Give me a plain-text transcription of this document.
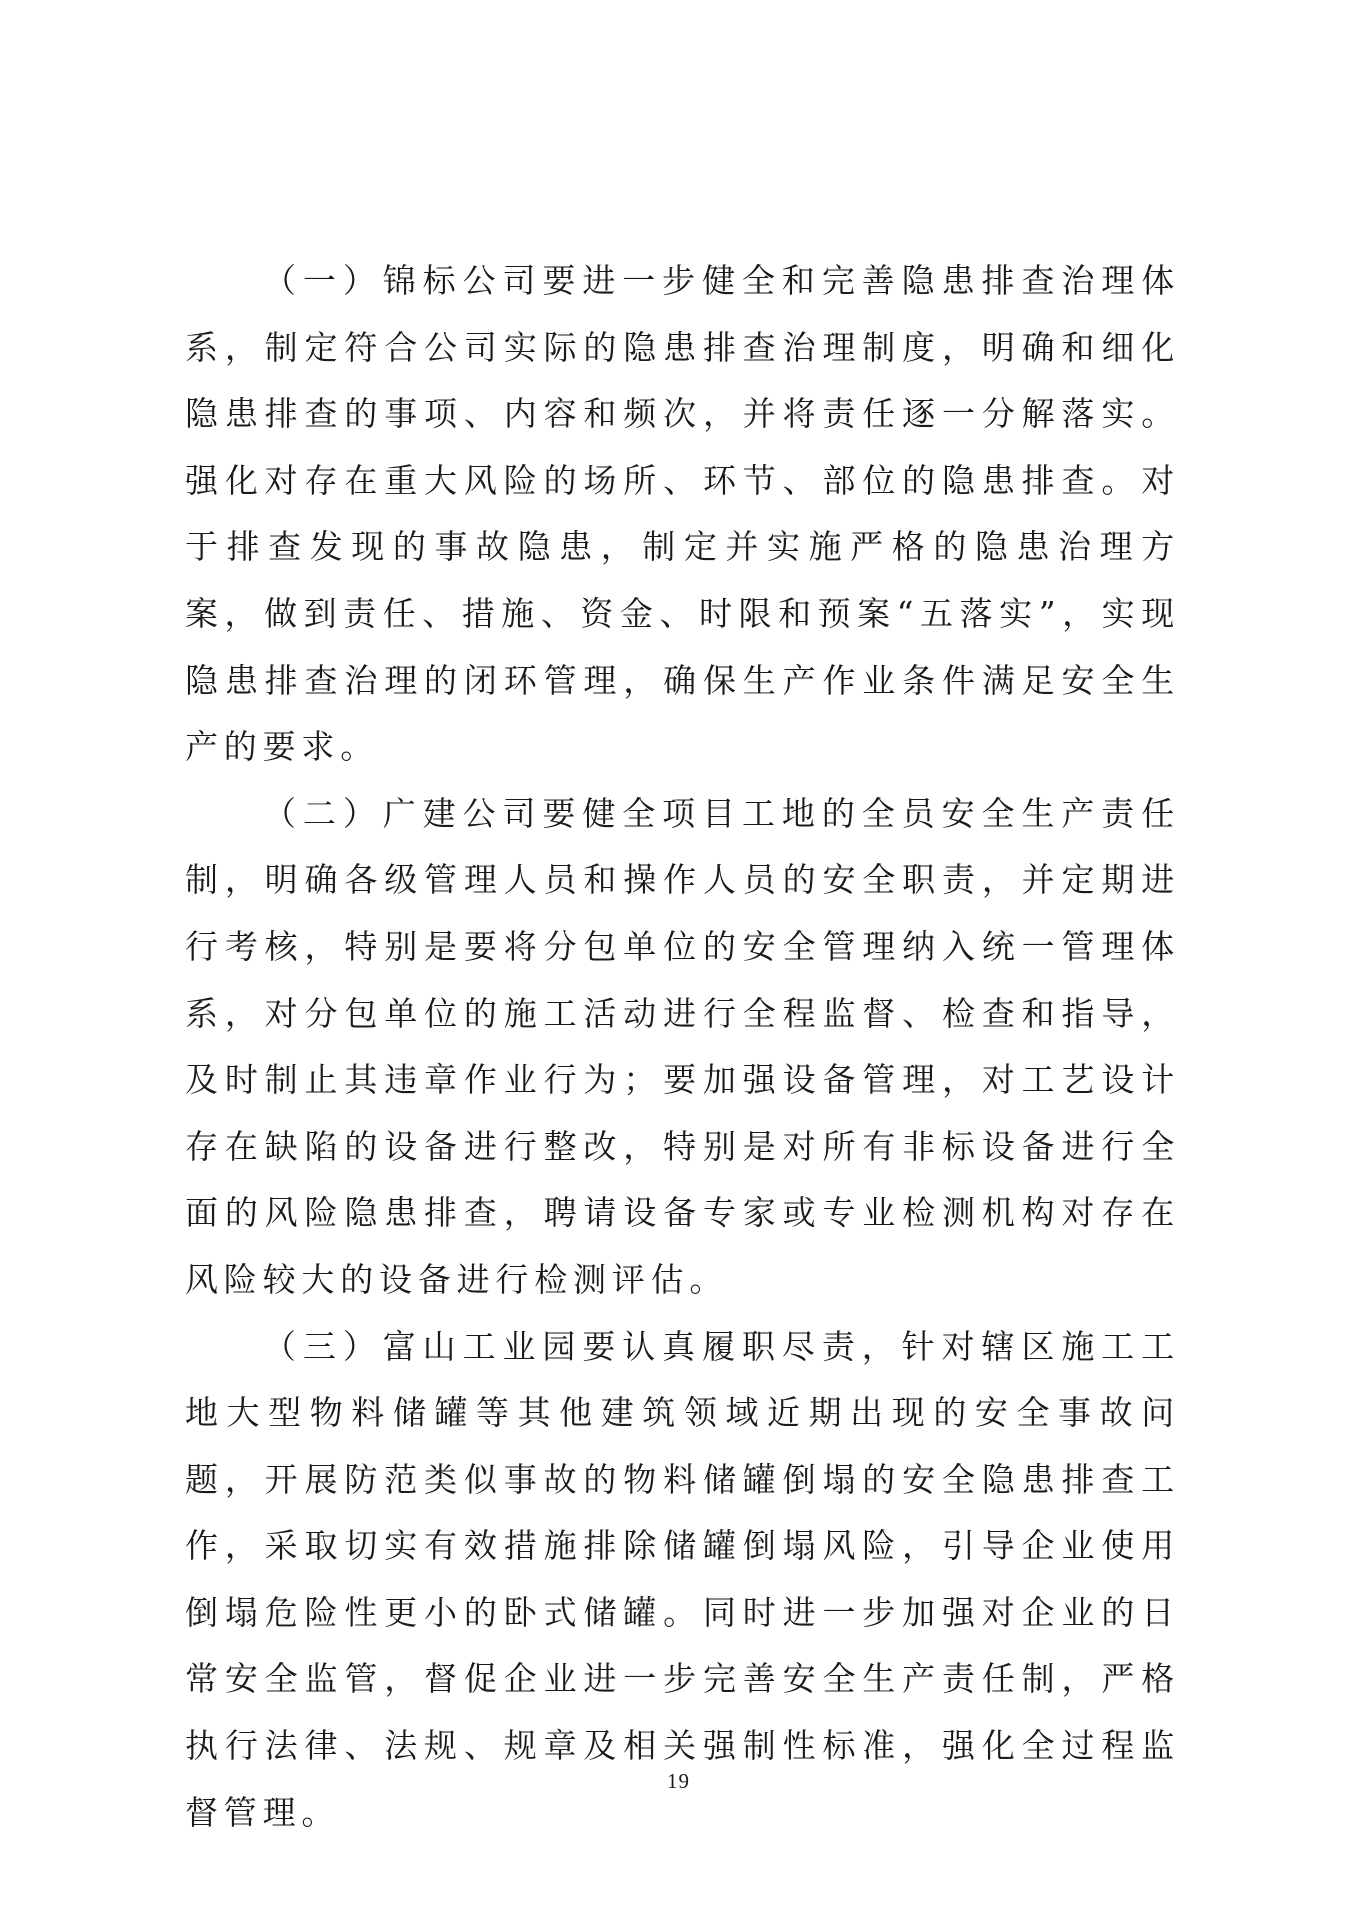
（一）锦标公司要进一步健全和完善隐患排查治理体系，制定符合公司实际的隐患排查治理制度，明确和细化隐患排查的事项、内容和频次，并将责任逐一分解落实。强化对存在重大风险的场所、环节、部位的隐患排查。对于排查发现的事故隐患，制定并实施严格的隐患治理方案，做到责任、措施、资金、时限和预案“五落实”，实现隐患排查治理的闭环管理，确保生产作业条件满足安全生产的要求。

（二）广建公司要健全项目工地的全员安全生产责任制，明确各级管理人员和操作人员的安全职责，并定期进行考核，特别是要将分包单位的安全管理纳入统一管理体系，对分包单位的施工活动进行全程监督、检查和指导，及时制止其违章作业行为；要加强设备管理，对工艺设计存在缺陷的设备进行整改，特别是对所有非标设备进行全面的风险隐患排查，聘请设备专家或专业检测机构对存在风险较大的设备进行检测评估。

（三）富山工业园要认真履职尽责，针对辖区施工工地大型物料储罐等其他建筑领域近期出现的安全事故问题，开展防范类似事故的物料储罐倒塌的安全隐患排查工作，采取切实有效措施排除储罐倒塌风险，引导企业使用倒塌危险性更小的卧式储罐。同时进一步加强对企业的日常安全监管，督促企业进一步完善安全生产责任制，严格执行法律、法规、规章及相关强制性标准，强化全过程监督管理。

19
